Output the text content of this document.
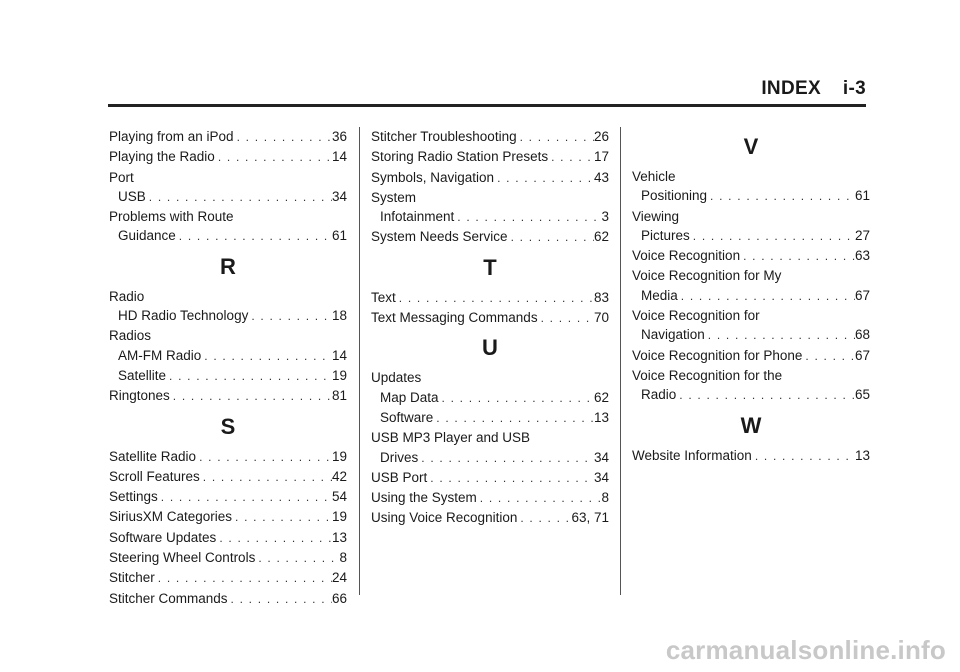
INDEX i-3
Playing from an iPod . . .	36
Playing the Radio . . .	14
Port
USB . . .	34
Problems with Route
Guidance . . .	61
R
Radio
HD Radio Technology . . .	18
Radios
AM-FM Radio . . .	14
Satellite . . .	19
Ringtones . . .	81
S
Satellite Radio . . .	19
Scroll Features . . .	42
Settings . . .	54
SiriusXM Categories . . .	19
Software Updates . . .	13
Steering Wheel Controls . . .	8
Stitcher . . .	24
Stitcher Commands . . .	66
Stitcher Troubleshooting . . .	26
Storing Radio Station Presets . . .	17
Symbols, Navigation . . .	43
System
Infotainment . . .	3
System Needs Service . . .	62
T
Text . . .	83
Text Messaging Commands . . .	70
U
Updates
Map Data . . .	62
Software . . .	13
USB MP3 Player and USB
Drives . . .	34
USB Port . . .	34
Using the System . . .	8
Using Voice Recognition . . .	63, 71
V
Vehicle
Positioning . . .	61
Viewing
Pictures . . .	27
Voice Recognition . . .	63
Voice Recognition for My
Media . . .	67
Voice Recognition for
Navigation . . .	68
Voice Recognition for Phone . . .	67
Voice Recognition for the
Radio . . .	65
W
Website Information . . .	13
carmanualsonline.info
